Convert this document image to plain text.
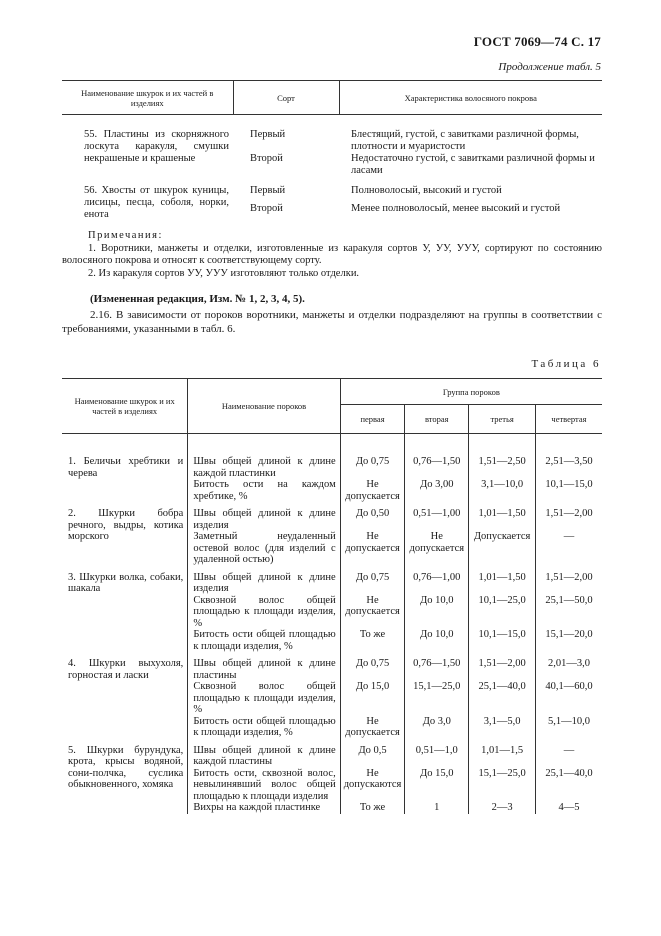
ГОСТ 7069—74 С. 17
Продолжение табл. 5
Наименование шкурок и их частей в изделиях	Сорт	Характеристика волосяного покрова

55. Пластины из скорняжного лоскута каракуля, смушки некрашеные и крашеные	Первый	Блестящий, густой, с завитками различной формы, плотности и муаристости
	Второй	Недостаточно густой, с завитками различной формы и ласами

56. Хвосты от шкурок куницы, лисицы, песца, соболя, норки, енота	Первый	Полноволосый, высокий и густой
	Второй	Менее полноволосый, менее высокий и густой

Примечания:

1. Воротники, манжеты и отделки, изготовленные из каракуля сортов У, УУ, УУУ, сортируют по состоянию волосяного покрова и относят к соответствующему сорту.

2. Из каракуля сортов УУ, УУУ изготовляют только отделки.

(Измененная редакция, Изм. № 1, 2, 3, 4, 5).

2.16. В зависимости от пороков воротники, манжеты и отделки подразделяют на группы в соответствии с требованиями, указанными в табл. 6.

Таблица 6
Наименование шкурок и их частей в изделиях	Наименование пороков	Группа пороков			
		первая	вторая	третья	четвертая

1. Беличьи хребтики и черева	Швы общей длиной к длине каждой пластинки	До 0,75	0,76—1,50	1,51—2,50	2,51—3,50
	Битость ости на каждом хребтике, %	Не допускается	До 3,00	3,1—10,0	10,1—15,0
2. Шкурки бобра речного, выдры, котика морского	Швы общей длиной к длине изделия	До 0,50	0,51—1,00	1,01—1,50	1,51—2,00
	Заметный неудаленный остевой волос (для изделий с удаленной остью)	Не допускается	Не допускается	Допускается	—
3. Шкурки волка, собаки, шакала	Швы общей длиной к длине изделия	До 0,75	0,76—1,00	1,01—1,50	1,51—2,00
	Сквозной волос общей площадью к площади изделия, %	Не допускается	До 10,0	10,1—25,0	25,1—50,0
	Битость ости общей площадью к площади изделия, %	То же	До 10,0	10,1—15,0	15,1—20,0
4. Шкурки выхухоля, горностая и ласки	Швы общей длиной к длине пластины	До 0,75	0,76—1,50	1,51—2,00	2,01—3,0
	Сквозной волос общей площадью к площади изделия, %	До 15,0	15,1—25,0	25,1—40,0	40,1—60,0
	Битость ости общей площадью к площади изделия, %	Не допускается	До 3,0	3,1—5,0	5,1—10,0
5. Шкурки бурундука, крота, крысы водяной, сони-полчка, суслика обыкновенного, хомяка	Швы общей длиной к длине каждой пластины	До 0,5	0,51—1,0	1,01—1,5	—
	Битость ости, сквозной волос, невылинявший волос общей площадью к площади изделия	Не допускаются	До 15,0	15,1—25,0	25,1—40,0
	Вихры на каждой пластинке	То же	1	2—3	4—5
